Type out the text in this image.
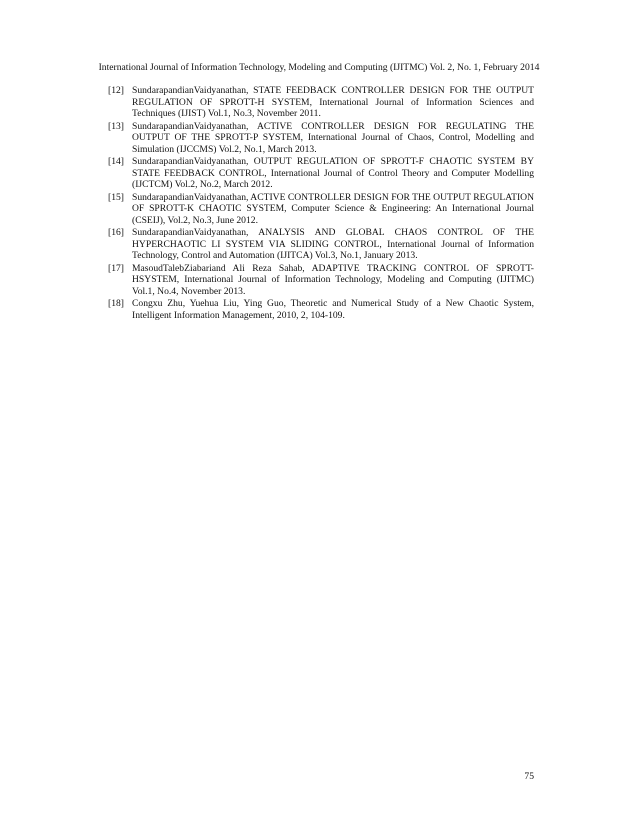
International Journal of Information Technology, Modeling and Computing (IJITMC) Vol. 2, No. 1, February 2014
[12] SundarapandianVaidyanathan, STATE FEEDBACK CONTROLLER DESIGN FOR THE OUTPUT REGULATION OF SPROTT-H SYSTEM, International Journal of Information Sciences and Techniques (IJIST) Vol.1, No.3, November 2011.
[13] SundarapandianVaidyanathan, ACTIVE CONTROLLER DESIGN FOR REGULATING THE OUTPUT OF THE SPROTT-P SYSTEM, International Journal of Chaos, Control, Modelling and Simulation (IJCCMS) Vol.2, No.1, March 2013.
[14] SundarapandianVaidyanathan, OUTPUT REGULATION OF SPROTT-F CHAOTIC SYSTEM BY STATE FEEDBACK CONTROL, International Journal of Control Theory and Computer Modelling (IJCTCM) Vol.2, No.2, March 2012.
[15] SundarapandianVaidyanathan, ACTIVE CONTROLLER DESIGN FOR THE OUTPUT REGULATION OF SPROTT-K CHAOTIC SYSTEM, Computer Science & Engineering: An International Journal (CSEIJ), Vol.2, No.3, June 2012.
[16] SundarapandianVaidyanathan, ANALYSIS AND GLOBAL CHAOS CONTROL OF THE HYPERCHAOTIC LI SYSTEM VIA SLIDING CONTROL, International Journal of Information Technology, Control and Automation (IJITCA) Vol.3, No.1, January 2013.
[17] MasoudTalebZiabariand Ali Reza Sahab, ADAPTIVE TRACKING CONTROL OF SPROTT-HSYSTEM, International Journal of Information Technology, Modeling and Computing (IJITMC) Vol.1, No.4, November 2013.
[18] Congxu Zhu, Yuehua Liu, Ying Guo, Theoretic and Numerical Study of a New Chaotic System, Intelligent Information Management, 2010, 2, 104-109.
75
